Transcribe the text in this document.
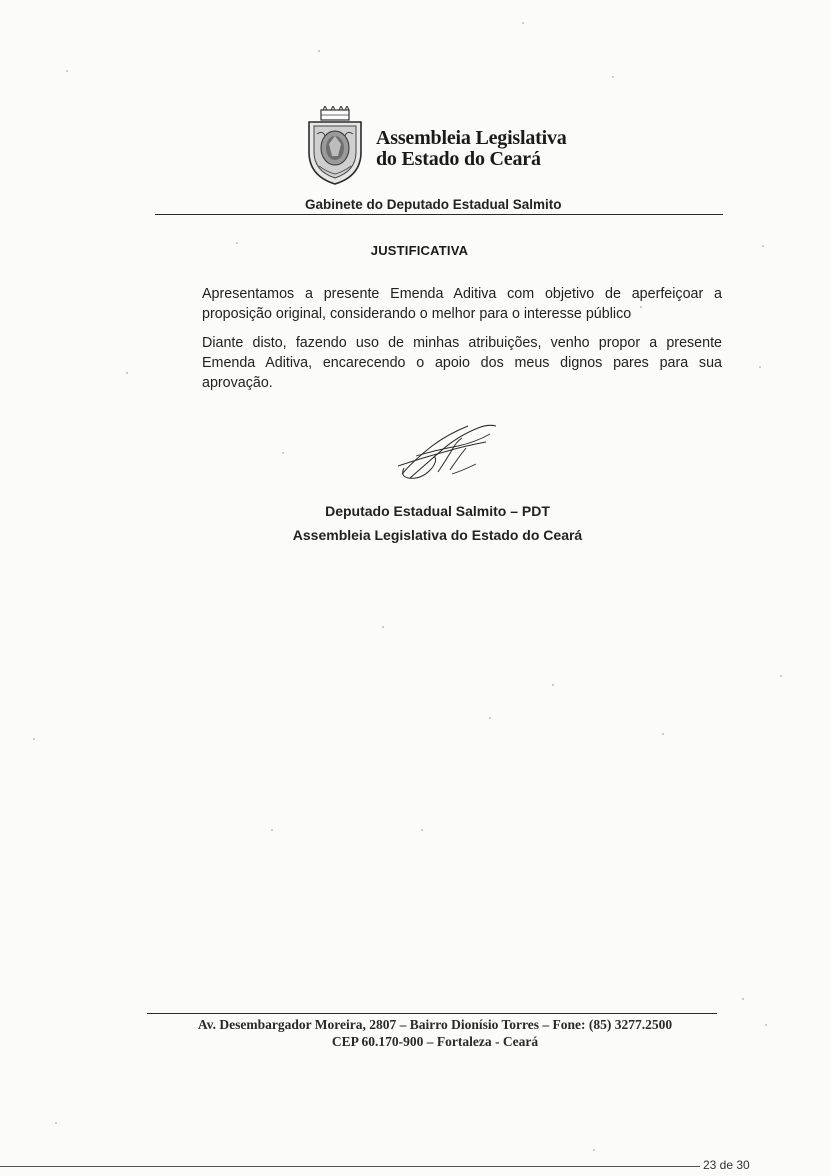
Assembleia Legislativa
do Estado do Ceará
Gabinete do Deputado Estadual Salmito
JUSTIFICATIVA
Apresentamos a presente Emenda Aditiva com objetivo de aperfeiçoar a proposição original, considerando o melhor para o interesse público
Diante disto, fazendo uso de minhas atribuições, venho propor a presente Emenda Aditiva, encarecendo o apoio dos meus dignos pares para sua aprovação.
Deputado Estadual Salmito – PDT
Assembleia Legislativa do Estado do Ceará
Av. Desembargador Moreira, 2807 – Bairro Dionísio Torres – Fone: (85) 3277.2500
CEP 60.170-900 – Fortaleza - Ceará
23 de 30
